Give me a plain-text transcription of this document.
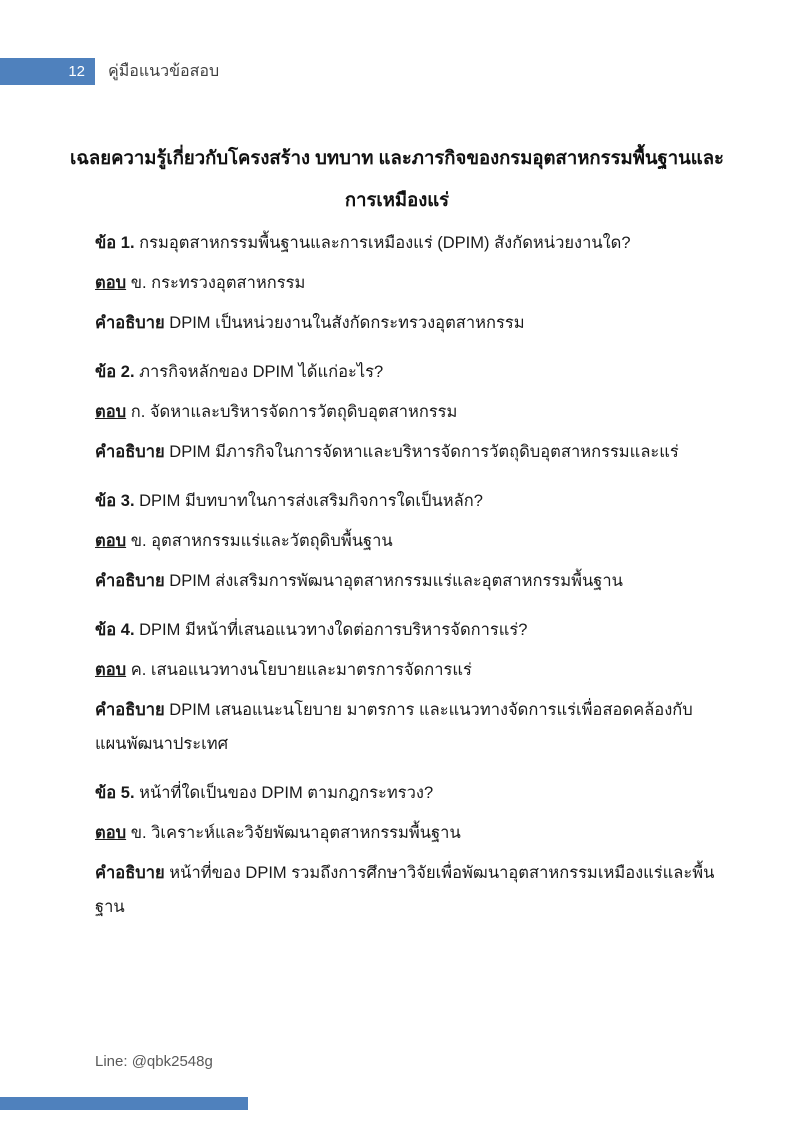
12	คู่มือแนวข้อสอบ
เฉลยความรู้เกี่ยวกับโครงสร้าง บทบาท และภารกิจของกรมอุตสาหกรรมพื้นฐานและ
การเหมืองแร่

ข้อ 1. กรมอุตสาหกรรมพื้นฐานและการเหมืองแร่ (DPIM) สังกัดหน่วยงานใด?

ตอบ ข. กระทรวงอุตสาหกรรม

คำอธิบาย DPIM เป็นหน่วยงานในสังกัดกระทรวงอุตสาหกรรม

ข้อ 2. ภารกิจหลักของ DPIM ได้แก่อะไร?

ตอบ ก. จัดหาและบริหารจัดการวัตถุดิบอุตสาหกรรม

คำอธิบาย DPIM มีภารกิจในการจัดหาและบริหารจัดการวัตถุดิบอุตสาหกรรมและแร่

ข้อ 3. DPIM มีบทบาทในการส่งเสริมกิจการใดเป็นหลัก?

ตอบ ข. อุตสาหกรรมแร่และวัตถุดิบพื้นฐาน

คำอธิบาย DPIM ส่งเสริมการพัฒนาอุตสาหกรรมแร่และอุตสาหกรรมพื้นฐาน

ข้อ 4. DPIM มีหน้าที่เสนอแนวทางใดต่อการบริหารจัดการแร่?

ตอบ ค. เสนอแนวทางนโยบายและมาตรการจัดการแร่

คำอธิบาย DPIM เสนอแนะนโยบาย มาตรการ และแนวทางจัดการแร่เพื่อสอดคล้องกับแผนพัฒนาประเทศ

ข้อ 5. หน้าที่ใดเป็นของ DPIM ตามกฎกระทรวง?

ตอบ ข. วิเคราะห์และวิจัยพัฒนาอุตสาหกรรมพื้นฐาน

คำอธิบาย หน้าที่ของ DPIM รวมถึงการศึกษาวิจัยเพื่อพัฒนาอุตสาหกรรมเหมืองแร่และพื้นฐาน

Line: @qbk2548g
